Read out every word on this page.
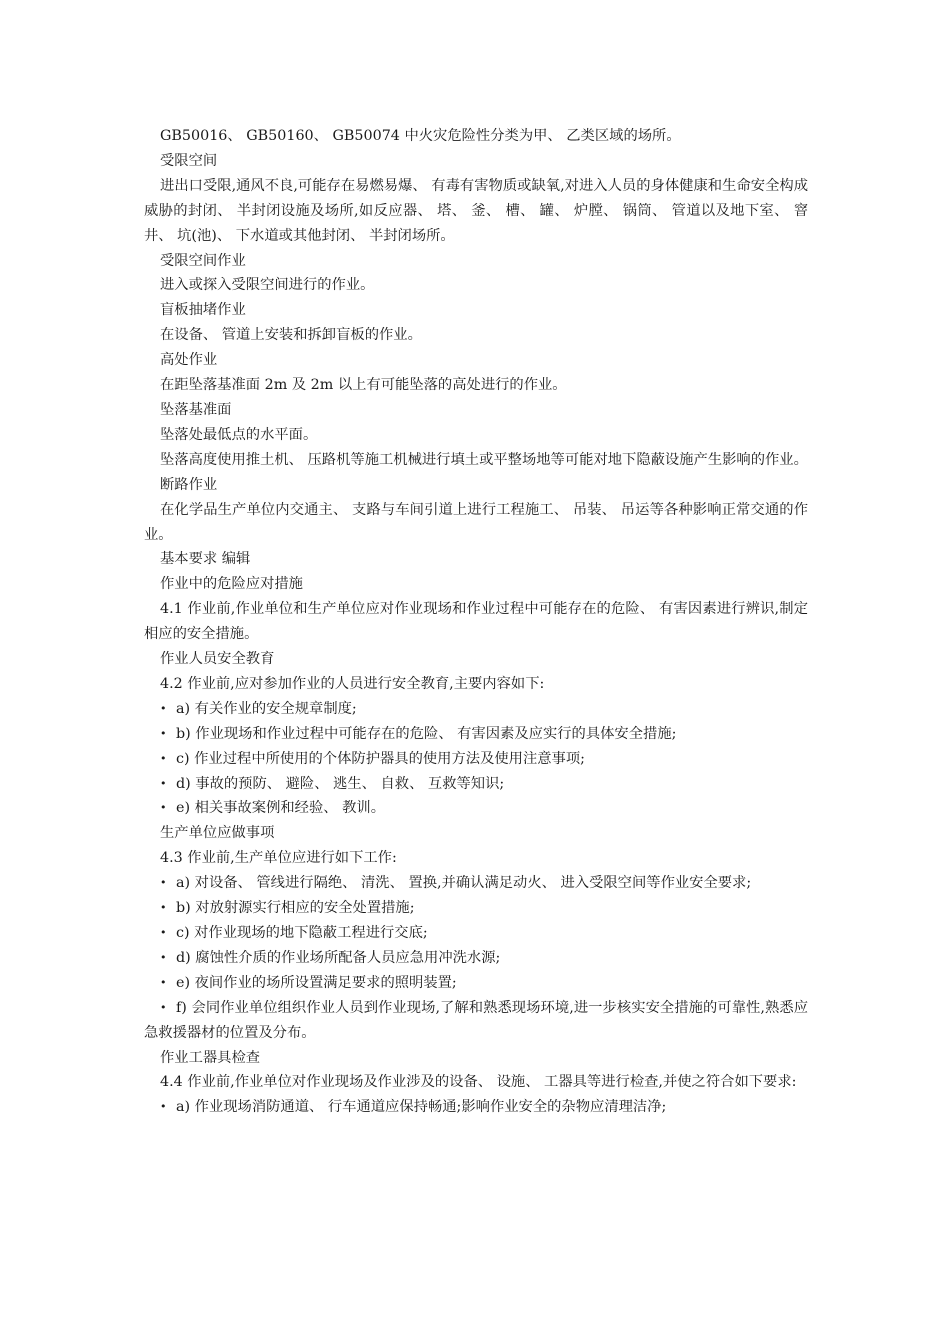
GB50016、 GB50160、 GB50074 中火灾危险性分类为甲、 乙类区域的场所。

受限空间

进出口受限,通风不良,可能存在易燃易爆、 有毒有害物质或缺氧,对进入人员的身体健康和生命安全构成威胁的封闭、 半封闭设施及场所,如反应器、 塔、 釜、 槽、 罐、 炉膛、 锅筒、 管道以及地下室、 窨井、 坑(池)、 下水道或其他封闭、 半封闭场所。

受限空间作业

进入或探入受限空间进行的作业。

盲板抽堵作业

在设备、 管道上安装和拆卸盲板的作业。

高处作业

在距坠落基准面 2m 及 2m 以上有可能坠落的高处进行的作业。

坠落基准面

坠落处最低点的水平面。

坠落高度使用推土机、 压路机等施工机械进行填土或平整场地等可能对地下隐蔽设施产生影响的作业。

断路作业

在化学品生产单位内交通主、 支路与车间引道上进行工程施工、 吊装、 吊运等各种影响正常交通的作业。

基本要求 编辑

作业中的危险应对措施

4.1 作业前,作业单位和生产单位应对作业现场和作业过程中可能存在的危险、 有害因素进行辨识,制定相应的安全措施。

作业人员安全教育

4.2 作业前,应对参加作业的人员进行安全教育,主要内容如下:

• a) 有关作业的安全规章制度;

• b) 作业现场和作业过程中可能存在的危险、 有害因素及应实行的具体安全措施;

• c) 作业过程中所使用的个体防护器具的使用方法及使用注意事项;

• d) 事故的预防、 避险、 逃生、 自救、 互救等知识;

• e) 相关事故案例和经验、 教训。

生产单位应做事项

4.3 作业前,生产单位应进行如下工作:

• a) 对设备、 管线进行隔绝、 清洗、 置换,并确认满足动火、 进入受限空间等作业安全要求;

• b) 对放射源实行相应的安全处置措施;

• c) 对作业现场的地下隐蔽工程进行交底;

• d) 腐蚀性介质的作业场所配备人员应急用冲洗水源;

• e) 夜间作业的场所设置满足要求的照明装置;

• f) 会同作业单位组织作业人员到作业现场,了解和熟悉现场环境,进一步核实安全措施的可靠性,熟悉应急救援器材的位置及分布。

作业工器具检查

4.4 作业前,作业单位对作业现场及作业涉及的设备、 设施、 工器具等进行检查,并使之符合如下要求:

• a) 作业现场消防通道、 行车通道应保持畅通;影响作业安全的杂物应清理洁净;
